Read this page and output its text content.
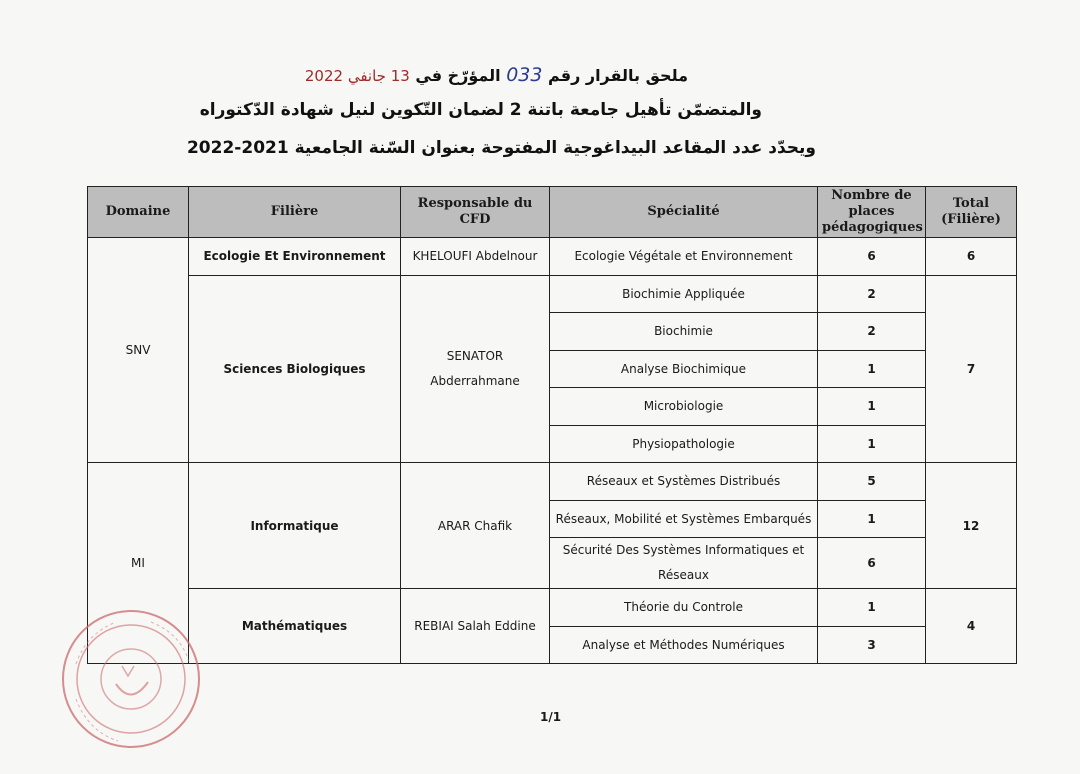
ملحق بالقرار رقم 033 المؤرّخ في 13 جانفي 2022
والمتضمّن تأهيل جامعة باتنة 2 لضمان التّكوين لنيل شهادة الدّكتوراه
ويحدّد عدد المقاعد البيداغوجية المفتوحة بعنوان السّنة الجامعية 2021-2022
Domaine	Filière	Responsable du CFD	Spécialité	Nombre de places pédagogiques	Total (Filière)
SNV	Ecologie Et Environnement	KHELOUFI Abdelnour	Ecologie Végétale et Environnement	6	6
	Sciences Biologiques	SENATOR Abderrahmane	Biochimie Appliquée	2	7
			Biochimie	2	
			Analyse Biochimique	1	
			Microbiologie	1	
			Physiopathologie	1	
MI	Informatique	ARAR Chafik	Réseaux et Systèmes Distribués	5	12
			Réseaux, Mobilité et Systèmes Embarqués	1	
			Sécurité Des Systèmes Informatiques et Réseaux	6	
	Mathématiques	REBIAI Salah Eddine	Théorie du Controle	1	4
			Analyse et Méthodes Numériques	3	
1/1
